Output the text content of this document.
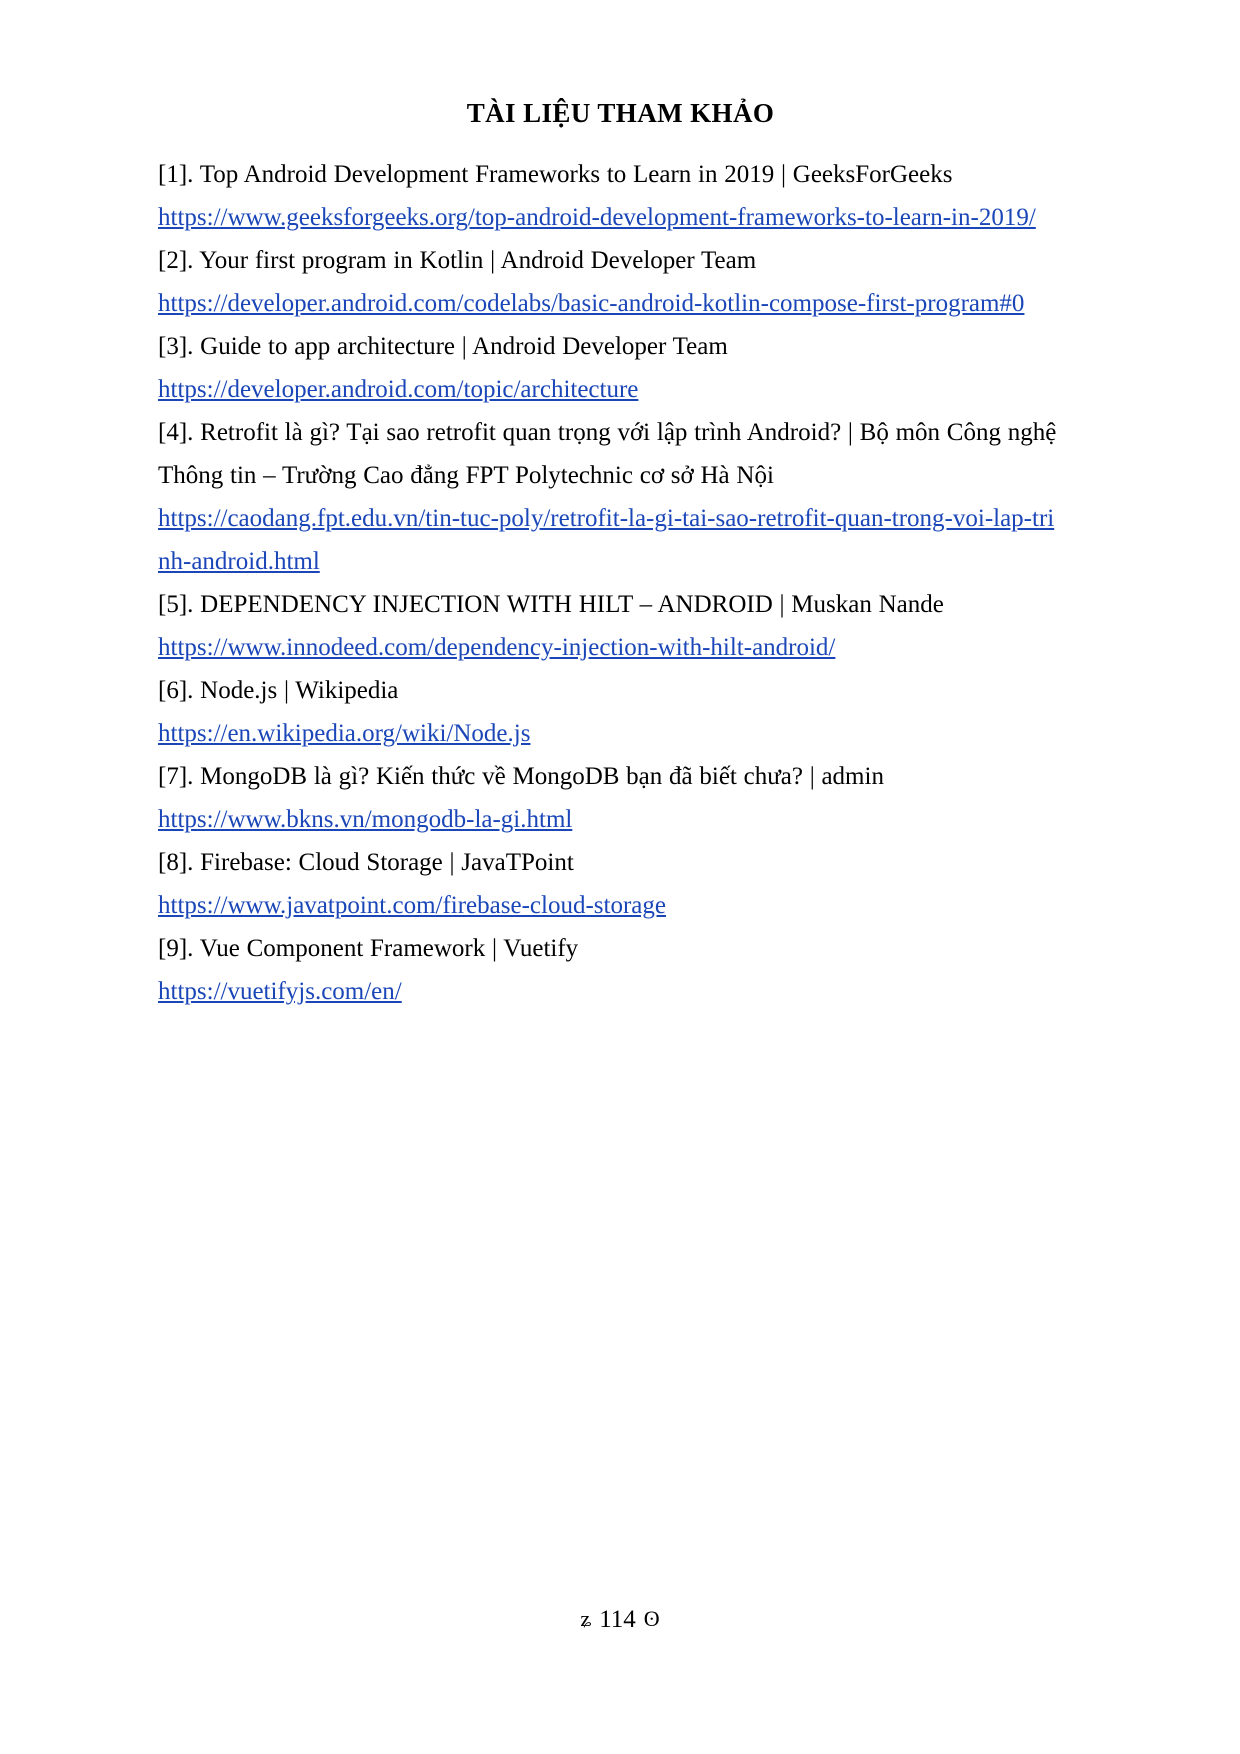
TÀI LIỆU THAM KHẢO

[1]. Top Android Development Frameworks to Learn in 2019 | GeeksForGeeks

https://www.geeksforgeeks.org/top-android-development-frameworks-to-learn-in-2019/

[2]. Your first program in Kotlin | Android Developer Team

https://developer.android.com/codelabs/basic-android-kotlin-compose-first-program#0

[3]. Guide to app architecture | Android Developer Team

https://developer.android.com/topic/architecture

[4]. Retrofit là gì? Tại sao retrofit quan trọng với lập trình Android? | Bộ môn Công nghệ Thông tin – Trường Cao đẳng FPT Polytechnic cơ sở Hà Nội

https://caodang.fpt.edu.vn/tin-tuc-poly/retrofit-la-gi-tai-sao-retrofit-quan-trong-voi-lap-trinh-android.html

[5]. DEPENDENCY INJECTION WITH HILT – ANDROID | Muskan Nande

https://www.innodeed.com/dependency-injection-with-hilt-android/

[6]. Node.js | Wikipedia

https://en.wikipedia.org/wiki/Node.js

[7]. MongoDB là gì? Kiến thức về MongoDB bạn đã biết chưa? | admin

https://www.bkns.vn/mongodb-la-gi.html

[8]. Firebase: Cloud Storage | JavaTPoint

https://www.javatpoint.com/firebase-cloud-storage

[9]. Vue Component Framework | Vuetify

https://vuetifyjs.com/en/
ʑ 114 ʘ
